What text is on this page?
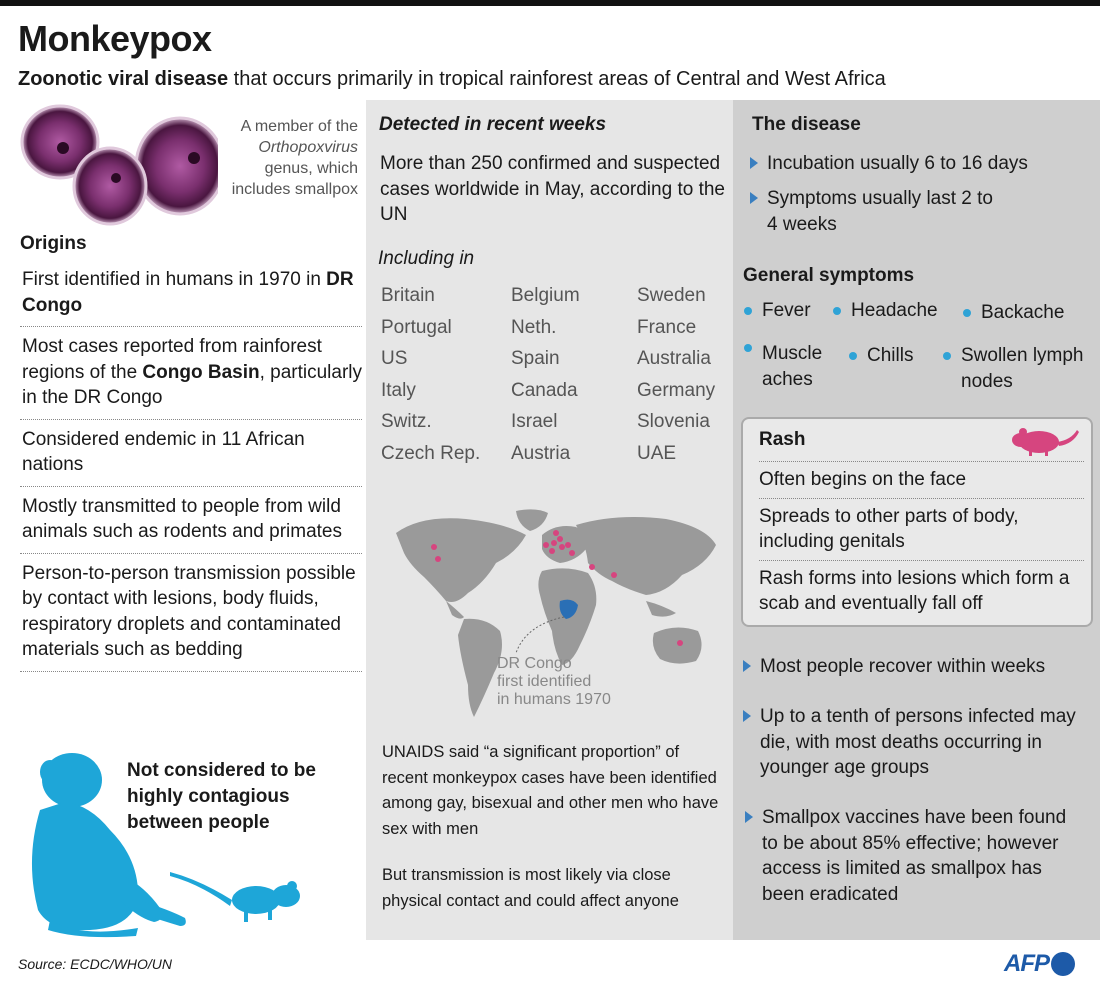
Monkeypox
Zoonotic viral disease that occurs primarily in tropical rainforest areas of Central and West Africa
A member of the
Orthopoxvirus
genus, which
includes smallpox
Origins
First identified in humans in 1970 in DR Congo
Most cases reported from rainforest regions of the Congo Basin, particularly in the DR Congo
Considered endemic in 11 African nations
Mostly transmitted to people from wild animals such as rodents and primates
Person-to-person transmission possible by contact with lesions, body fluids, respiratory droplets and contaminated materials such as bedding
Not considered to be highly contagious between people
Detected in recent weeks
More than 250 confirmed and suspected cases worldwide in May, according to the UN
Including in
Britain	Belgium	Sweden
Portugal	Neth.	France
US	Spain	Australia
Italy	Canada	Germany
Switz.	Israel	Slovenia
Czech Rep.	Austria	UAE
DR Congo
first identified
in humans 1970
UNAIDS said “a significant proportion” of recent monkeypox cases have been identified among gay, bisexual and other men who have sex with men
But transmission is most likely via close physical contact and could affect anyone
The disease
Incubation usually 6 to 16 days
Symptoms usually last 2 to 4 weeks
General symptoms
Fever Headache Backache
Muscle aches
Chills	Swollen lymph nodes
Rash
Often begins on the face
Spreads to other parts of body, including genitals
Rash forms into lesions which form a scab and eventually fall off
Most people recover within weeks
Up to a tenth of persons infected may die, with most deaths occurring in younger age groups
Smallpox vaccines have been found to be about 85% effective; however access is limited as smallpox has been eradicated
Source: ECDC/WHO/UN	AFP
